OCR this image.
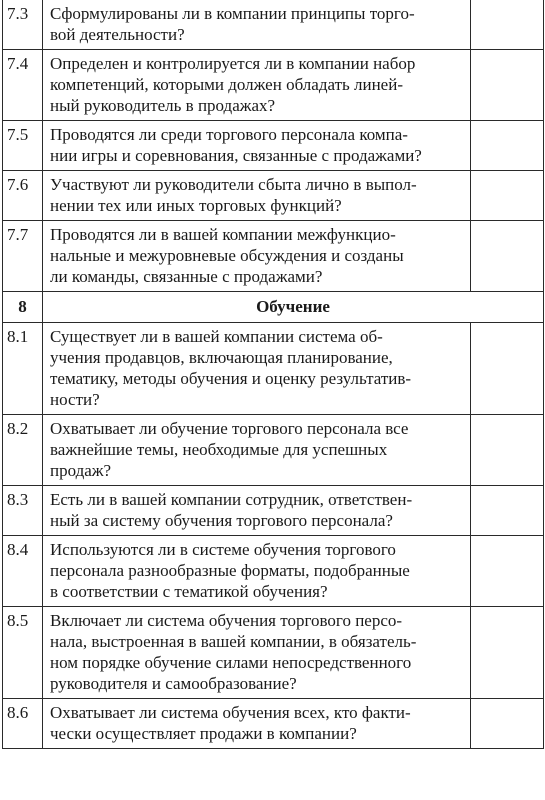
7.3	Сформулированы ли в компании принципы торго-
вой деятельности?	

7.4	Определен и контролируется ли в компании набор
компетенций, которыми должен обладать линей-
ный руководитель в продажах?	

7.5	Проводятся ли среди торгового персонала компа-
нии игры и соревнования, связанные с продажами?	

7.6	Участвуют ли руководители сбыта лично в выпол-
нении тех или иных торговых функций?	

7.7	Проводятся ли в вашей компании межфункцио-
нальные и межуровневые обсуждения и созданы
ли команды, связанные с продажами?	

8	Обучение	
8.1	Существует ли в вашей компании система об-
учения продавцов, включающая планирование,
тематику, методы обучения и оценку результатив-
ности?	

8.2	Охватывает ли обучение торгового персонала все
важнейшие темы, необходимые для успешных
продаж?	

8.3	Есть ли в вашей компании сотрудник, ответствен-
ный за систему обучения торгового персонала?	

8.4	Используются ли в системе обучения торгового
персонала разнообразные форматы, подобранные
в соответствии с тематикой обучения?	

8.5	Включает ли система обучения торгового персо-
нала, выстроенная в вашей компании, в обязатель-
ном порядке обучение силами непосредственного
руководителя и самообразование?	

8.6	Охватывает ли система обучения всех, кто факти-
чески осуществляет продажи в компании?	
